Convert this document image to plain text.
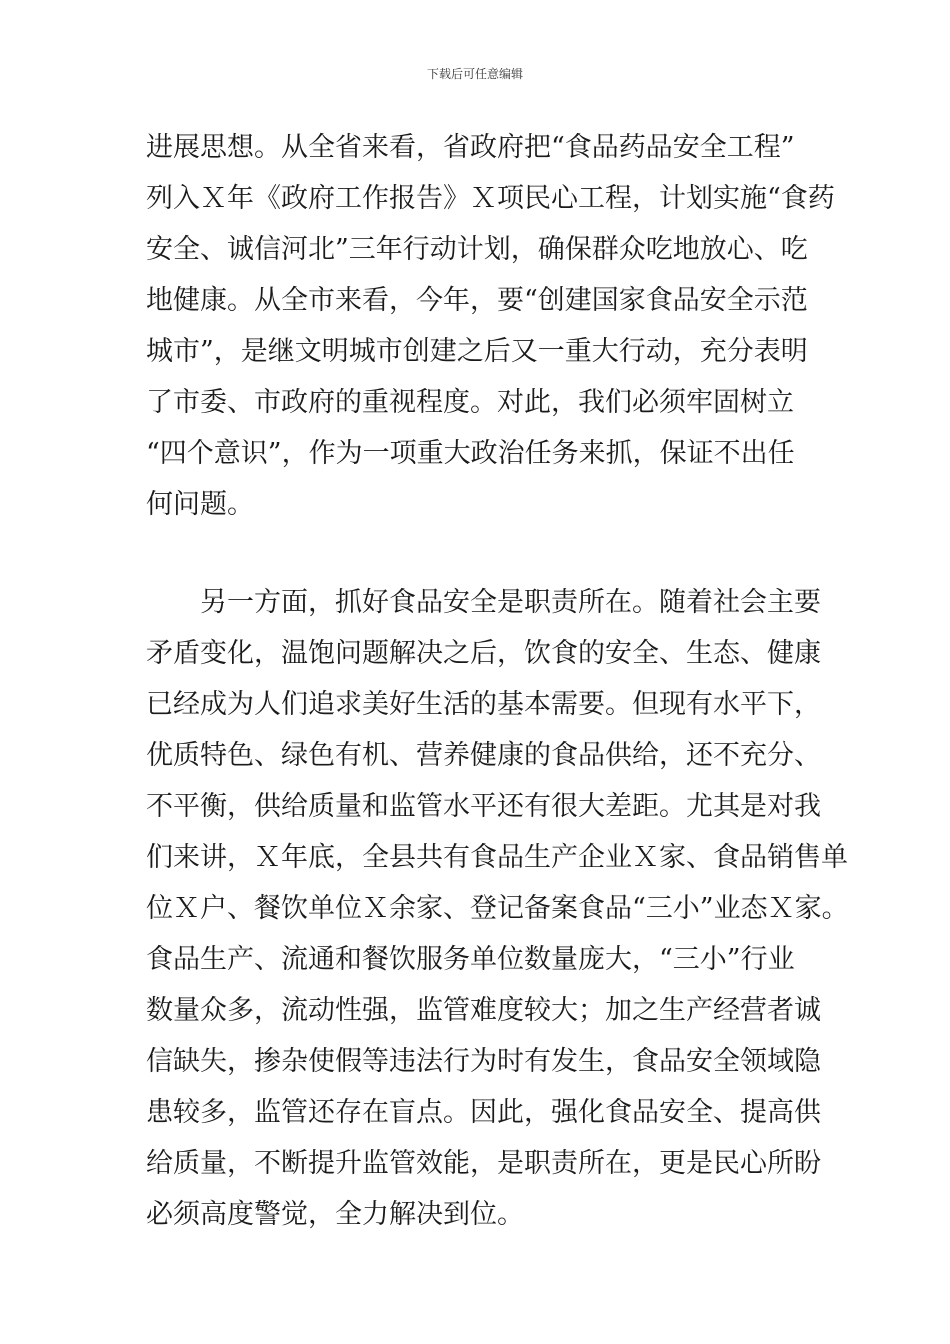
下载后可任意编辑
进展思想。从全省来看，省政府把“食品药品安全工程”
列入Ｘ年《政府工作报告》Ｘ项民心工程，计划实施“食药
安全、诚信河北”三年行动计划，确保群众吃地放心、吃
地健康。从全市来看，今年，要“创建国家食品安全示范
城市”，是继文明城市创建之后又一重大行动，充分表明
了市委、市政府的重视程度。对此，我们必须牢固树立
“四个意识”，作为一项重大政治任务来抓，保证不出任
何问题。
另一方面，抓好食品安全是职责所在。随着社会主要
矛盾变化，温饱问题解决之后，饮食的安全、生态、健康
已经成为人们追求美好生活的基本需要。但现有水平下，
优质特色、绿色有机、营养健康的食品供给，还不充分、
不平衡，供给质量和监管水平还有很大差距。尤其是对我
们来讲，Ｘ年底，全县共有食品生产企业Ｘ家、食品销售单
位Ｘ户、餐饮单位Ｘ余家、登记备案食品“三小”业态Ｘ家。
食品生产、流通和餐饮服务单位数量庞大，“三小”行业
数量众多，流动性强，监管难度较大；加之生产经营者诚
信缺失，掺杂使假等违法行为时有发生，食品安全领域隐
患较多，监管还存在盲点。因此，强化食品安全、提高供
给质量，不断提升监管效能，是职责所在，更是民心所盼
必须高度警觉，全力解决到位。
